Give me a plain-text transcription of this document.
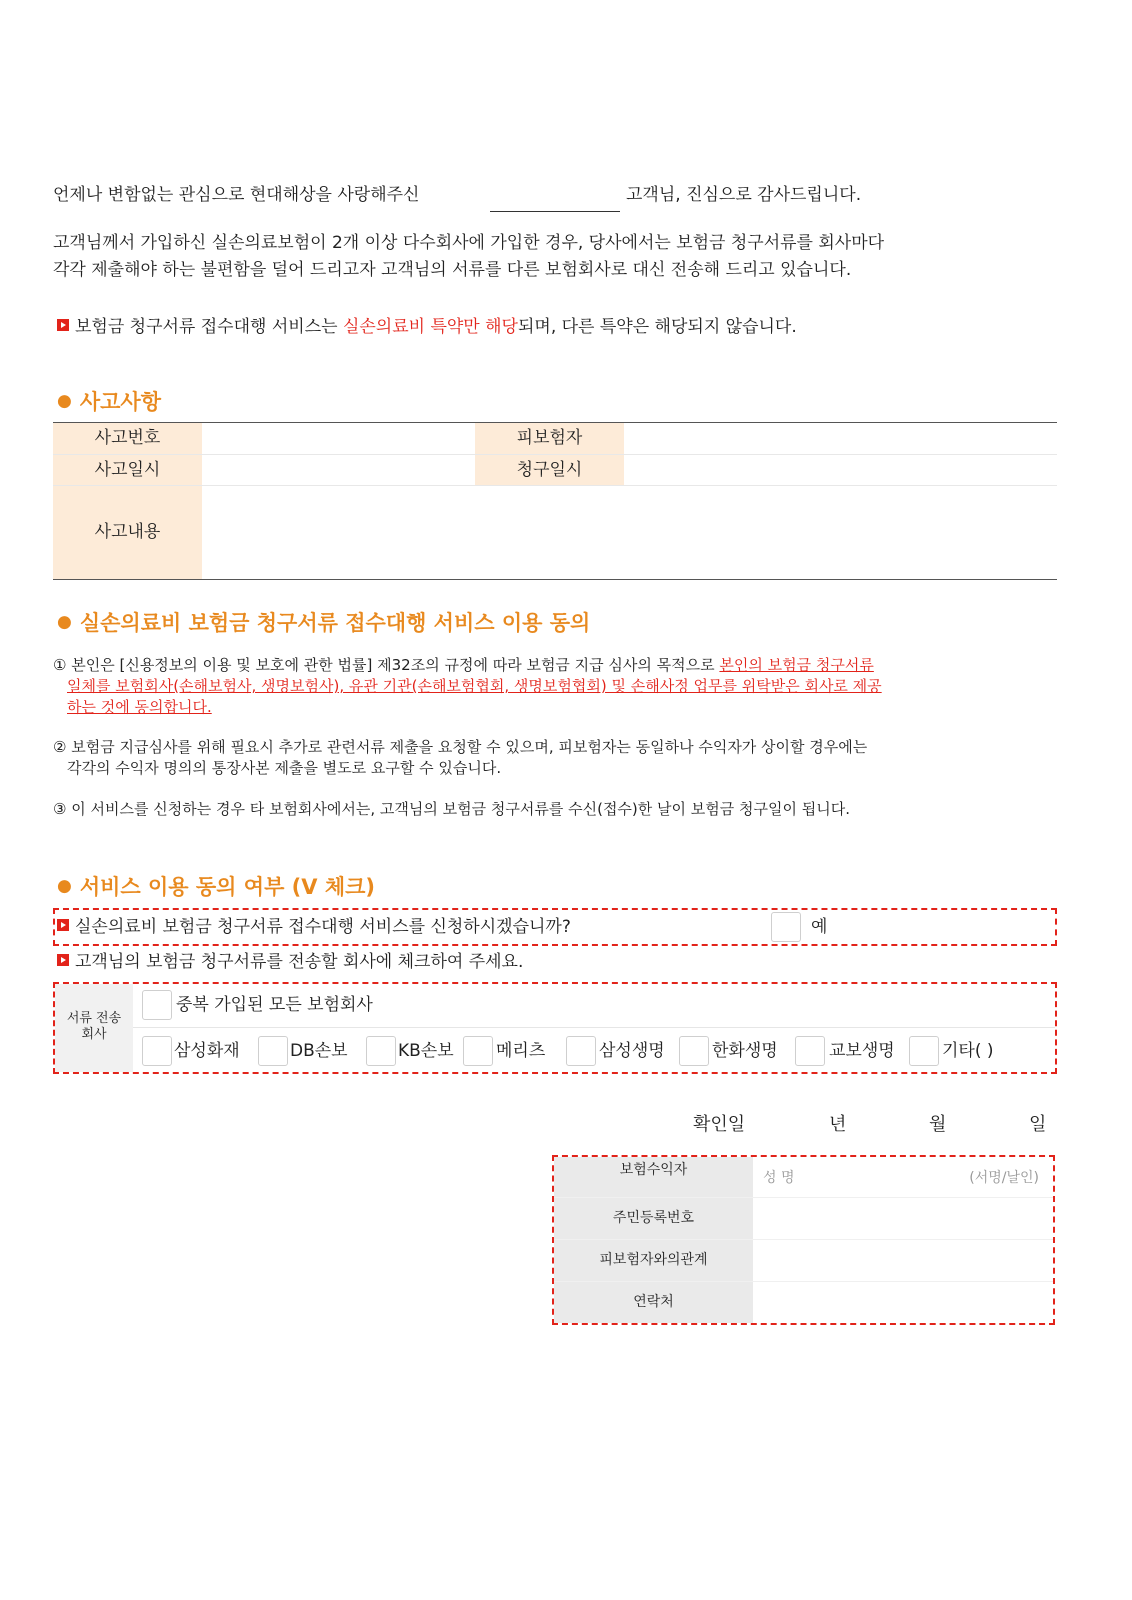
언제나 변함없는 관심으로 현대해상을 사랑해주신	고객님, 진심으로 감사드립니다.
고객님께서 가입하신 실손의료보험이 2개 이상 다수회사에 가입한 경우, 당사에서는 보험금 청구서류를 회사마다
각각 제출해야 하는 불편함을 덜어 드리고자 고객님의 서류를 다른 보험회사로 대신 전송해 드리고 있습니다.
보험금 청구서류 접수대행 서비스는 실손의료비 특약만 해당되며, 다른 특약은 해당되지 않습니다.
● 사고사항
사고번호	피보험자
사고일시	청구일시
사고내용
● 실손의료비 보험금 청구서류 접수대행 서비스 이용 동의
① 본인은 [신용정보의 이용 및 보호에 관한 법률] 제32조의 규정에 따라 보험금 지급 심사의 목적으로 본인의 보험금 청구서류
일체를 보험회사(손해보험사, 생명보험사), 유관 기관(손해보험협회, 생명보험협회) 및 손해사정 업무를 위탁받은 회사로 제공
하는 것에 동의합니다.
② 보험금 지급심사를 위해 필요시 추가로 관련서류 제출을 요청할 수 있으며, 피보험자는 동일하나 수익자가 상이할 경우에는
각각의 수익자 명의의 통장사본 제출을 별도로 요구할 수 있습니다.
③ 이 서비스를 신청하는 경우 타 보험회사에서는, 고객님의 보험금 청구서류를 수신(접수)한 날이 보험금 청구일이 됩니다.
● 서비스 이용 동의 여부 (V 체크)
실손의료비 보험금 청구서류 접수대행 서비스를 신청하시겠습니까?	예
고객님의 보험금 청구서류를 전송할 회사에 체크하여 주세요.
서류 전송
회사
중복 가입된 모든 보험회사
삼성화재	DB손보	KB손보 메리츠	삼성생명	한화생명	교보생명	기타( )
확인일	년	월	일
보험수익자	성 명	(서명/날인)
주민등록번호
피보험자와의관계
연락처
